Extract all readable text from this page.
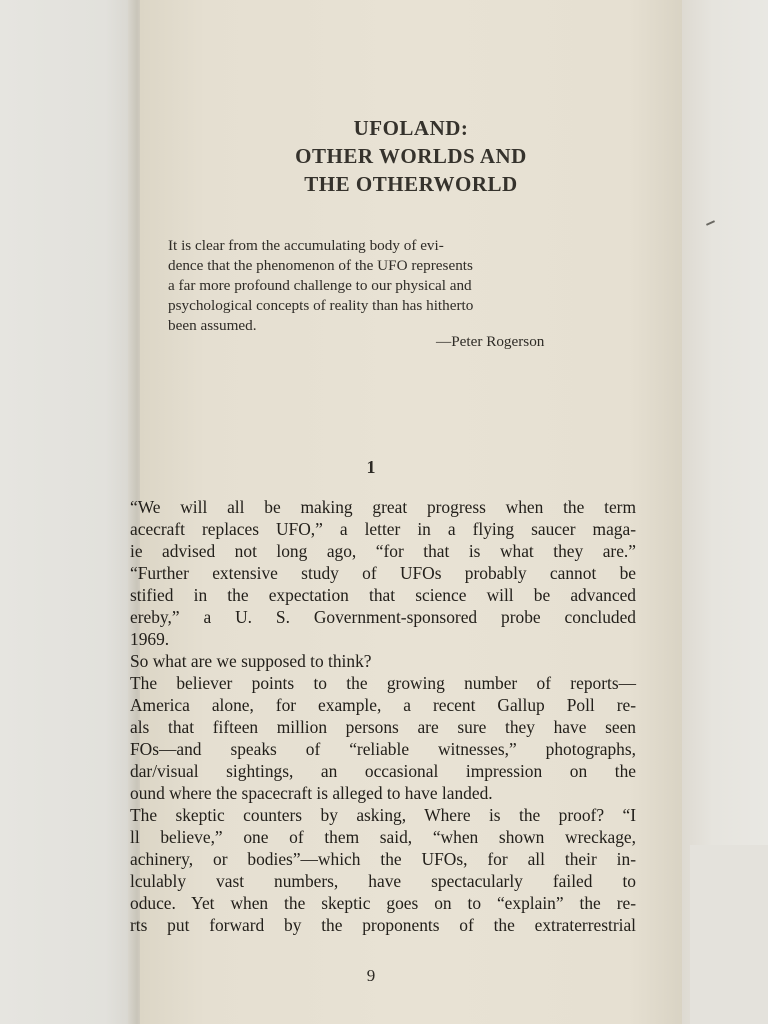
UFOLAND:
OTHER WORLDS AND
THE OTHERWORLD
It is clear from the accumulating body of evi-
dence that the phenomenon of the UFO represents
a far more profound challenge to our physical and
psychological concepts of reality than has hitherto
been assumed.
—Peter Rogerson
1
“We will all be making great progress when the term
acecraft replaces UFO,” a letter in a flying saucer maga-
ie advised not long ago, “for that is what they are.”
“Further extensive study of UFOs probably cannot be
stified in the expectation that science will be advanced
ereby,” a U. S. Government-sponsored probe concluded
1969.
So what are we supposed to think?
The believer points to the growing number of reports—
America alone, for example, a recent Gallup Poll re-
als that fifteen million persons are sure they have seen
FOs—and speaks of “reliable witnesses,” photographs,
dar/visual sightings, an occasional impression on the
ound where the spacecraft is alleged to have landed.
The skeptic counters by asking, Where is the proof? “I
ll believe,” one of them said, “when shown wreckage,
achinery, or bodies”—which the UFOs, for all their in-
lculably vast numbers, have spectacularly failed to
oduce. Yet when the skeptic goes on to “explain” the re-
rts put forward by the proponents of the extraterrestrial
9
